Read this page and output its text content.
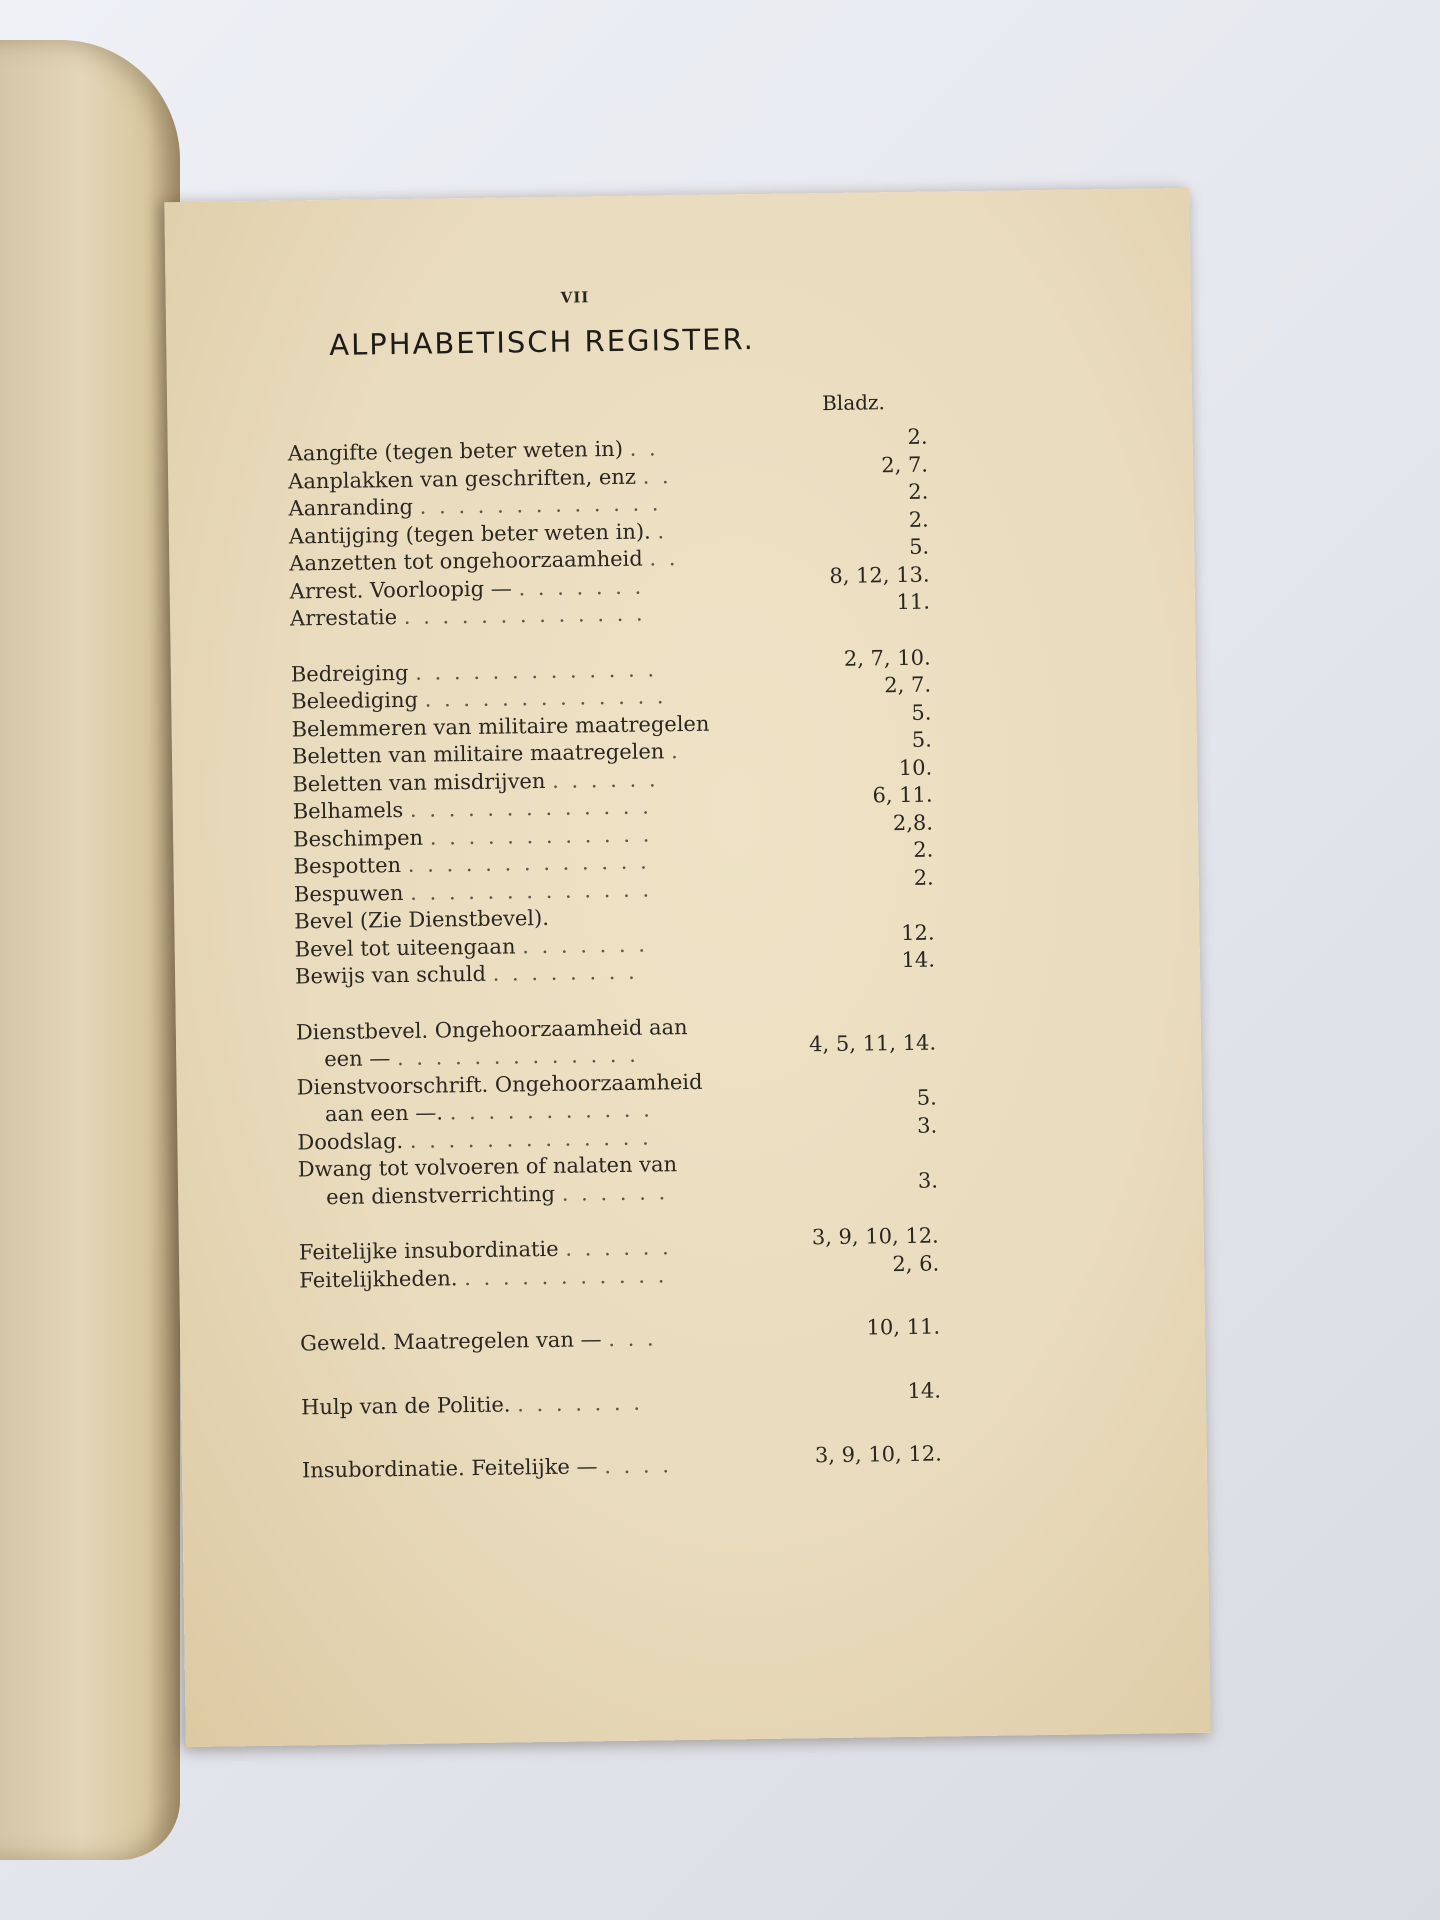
VII
ALPHABETISCH REGISTER.
Bladz.
Aangifte (tegen beter weten in) . .	2.
Aanplakken van geschriften, enz . .	2, 7.
Aanranding . . . . . . . . . . . . .	2.
Aantijging (tegen beter weten in). .	2.
Aanzetten tot ongehoorzaamheid . .	5.
Arrest. Voorloopig — . . . . . . .	8, 12, 13.
Arrestatie . . . . . . . . . . . . .	11.
Bedreiging . . . . . . . . . . . . .	2, 7, 10.
Beleediging . . . . . . . . . . . . .	2, 7.
Belemmeren van militaire maatregelen	5.
Beletten van militaire maatregelen .	5.
Beletten van misdrijven . . . . . .	10.
Belhamels . . . . . . . . . . . . .	6, 11.
Beschimpen . . . . . . . . . . . .	2,8.
Bespotten . . . . . . . . . . . . .	2.
Bespuwen . . . . . . . . . . . . .	2.
Bevel (Zie Dienstbevel).
Bevel tot uiteengaan . . . . . . .	12.
Bewijs van schuld . . . . . . . .	14.
Dienstbevel. Ongehoorzaamheid aan
een — . . . . . . . . . . . . .	4, 5, 11, 14.
Dienstvoorschrift. Ongehoorzaamheid
aan een —. . . . . . . . . . . .	5.
Doodslag. . . . . . . . . . . . . .	3.
Dwang tot volvoeren of nalaten van
een dienstverrichting . . . . . .	3.
Feitelijke insubordinatie . . . . . .	3, 9, 10, 12.
Feitelijkheden. . . . . . . . . . . .	2, 6.
Geweld. Maatregelen van — . . .	10, 11.
Hulp van de Politie. . . . . . . .	14.
Insubordinatie. Feitelijke — . . . .	3, 9, 10, 12.
